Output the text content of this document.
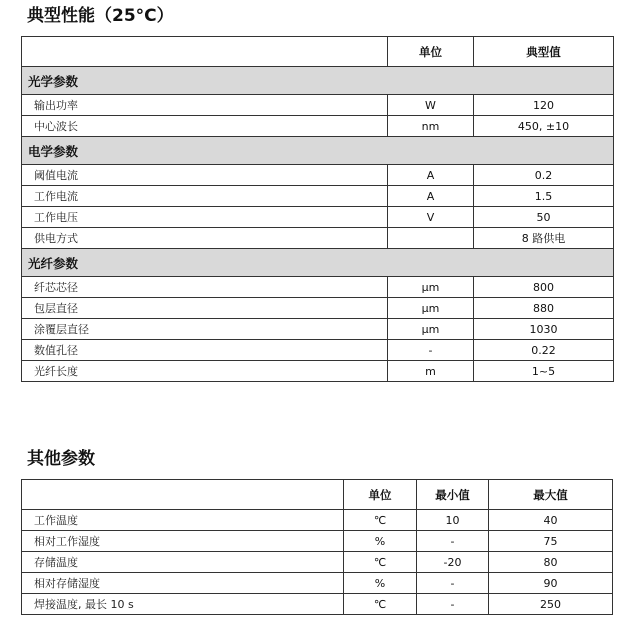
典型性能（25°C）
	单位	典型值
光学参数		
输出功率	W	120
中心波长	nm	450, ±10
电学参数		
阈值电流	A	0.2
工作电流	A	1.5
工作电压	V	50
供电方式		8 路供电
光纤参数		
纤芯芯径	μm	800
包层直径	μm	880
涂覆层直径	μm	1030
数值孔径	-	0.22
光纤长度	m	1~5
其他参数
	单位	最小值	最大值
工作温度	℃	10	40
相对工作湿度	%	-	75
存储温度	℃	-20	80
相对存储湿度	%	-	90
焊接温度, 最长 10 s	℃	-	250
